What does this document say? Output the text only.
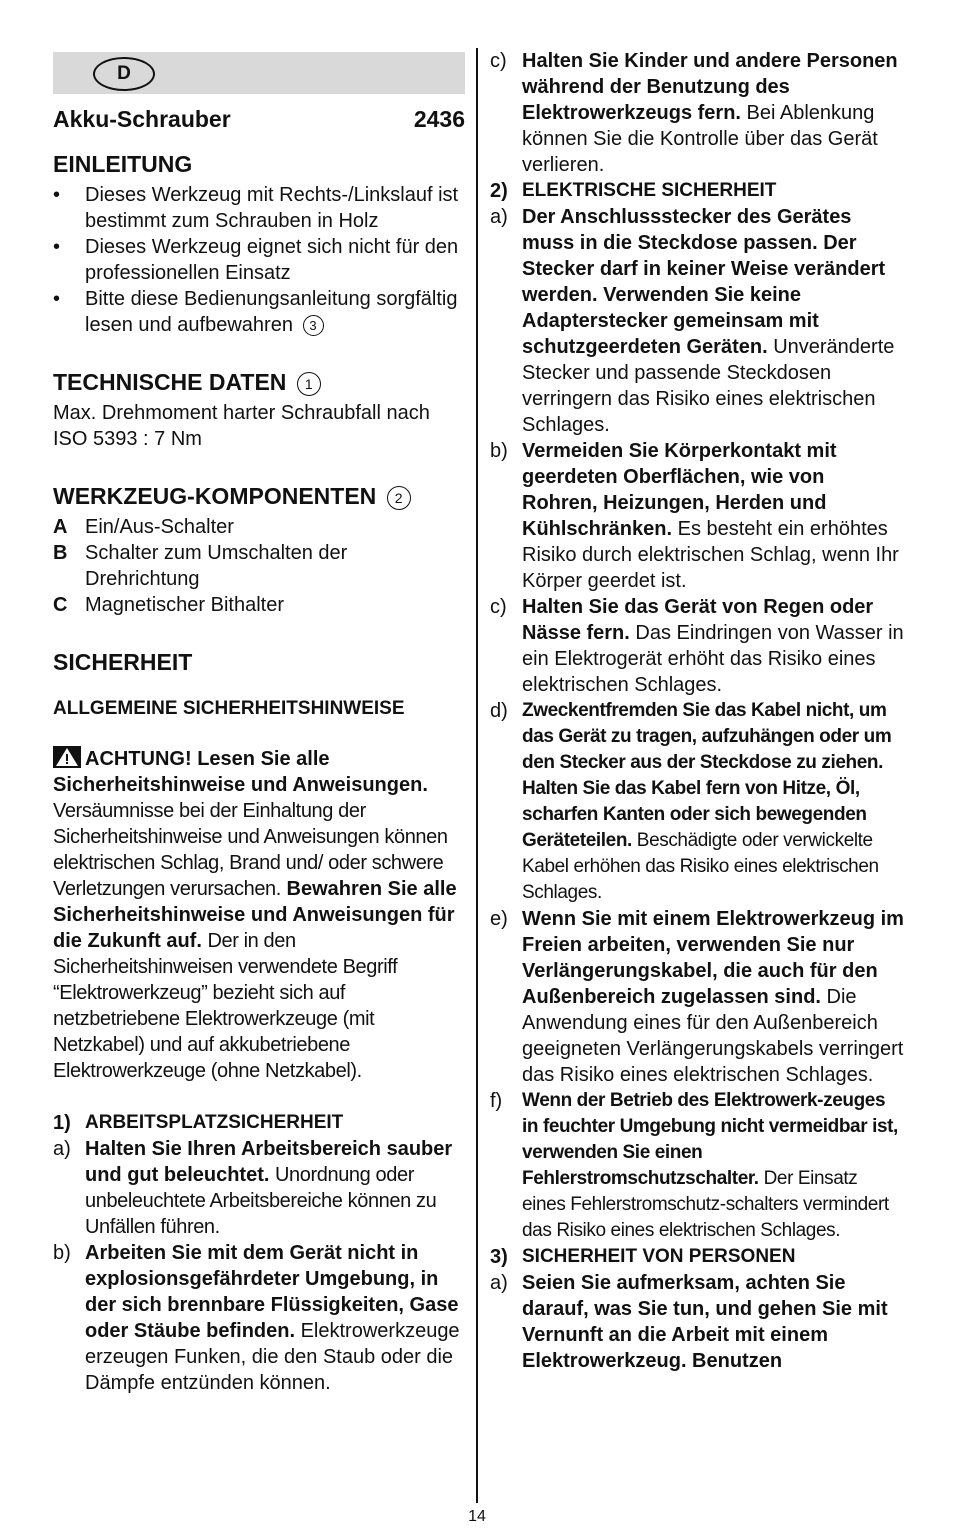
D
Akku-Schrauber	2436
EINLEITUNG
•	Dieses Werkzeug mit Rechts-/Linkslauf ist bestimmt zum Schrauben in Holz
•	Dieses Werkzeug eignet sich nicht für den professionellen Einsatz
•	Bitte diese Bedienungsanleitung sorgfältig lesen und aufbewahren 3
TECHNISCHE DATEN 1

Max. Drehmoment harter Schraubfall nach ISO 5393 : 7 Nm

WERKZEUG-KOMPONENTEN 2
A Ein/Aus-Schalter
B Schalter zum Umschalten der Drehrichtung
C Magnetischer Bithalter
SICHERHEIT
ALLGEMEINE SICHERHEITSHINWEISE

ACHTUNG! Lesen Sie alle Sicherheitshinweise und Anweisungen. Versäumnisse bei der Einhaltung der Sicherheitshinweise und Anweisungen können elektrischen Schlag, Brand und/ oder schwere Verletzungen verursachen. Bewahren Sie alle Sicherheitshinweise und Anweisungen für die Zukunft auf. Der in den Sicherheitshinweisen verwendete Begriff “Elektrowerkzeug” bezieht sich auf netzbetriebene Elektrowerkzeuge (mit Netzkabel) und auf akkubetriebene Elektrowerkzeuge (ohne Netzkabel).

1) ARBEITSPLATZSICHERHEIT
a) Halten Sie Ihren Arbeitsbereich sauber und gut beleuchtet. Unordnung oder unbeleuchtete Arbeitsbereiche können zu Unfällen führen.
b) Arbeiten Sie mit dem Gerät nicht in explosionsgefährdeter Umgebung, in der sich brennbare Flüssigkeiten, Gase oder Stäube befinden. Elektrowerkzeuge erzeugen Funken, die den Staub oder die Dämpfe entzünden können.
c) Halten Sie Kinder und andere Personen während der Benutzung des Elektrowerkzeugs fern. Bei Ablenkung können Sie die Kontrolle über das Gerät verlieren.
2) ELEKTRISCHE SICHERHEIT
a) Der Anschlussstecker des Gerätes muss in die Steckdose passen. Der Stecker darf in keiner Weise verändert werden. Verwenden Sie keine Adapterstecker gemeinsam mit schutzgeerdeten Geräten. Unveränderte Stecker und passende Steckdosen verringern das Risiko eines elektrischen Schlages.
b) Vermeiden Sie Körperkontakt mit geerdeten Oberflächen, wie von Rohren, Heizungen, Herden und Kühlschränken. Es besteht ein erhöhtes Risiko durch elektrischen Schlag, wenn Ihr Körper geerdet ist.
c) Halten Sie das Gerät von Regen oder Nässe fern. Das Eindringen von Wasser in ein Elektrogerät erhöht das Risiko eines elektrischen Schlages.
d) Zweckentfremden Sie das Kabel nicht, um das Gerät zu tragen, aufzuhängen oder um den Stecker aus der Steckdose zu ziehen. Halten Sie das Kabel fern von Hitze, Öl, scharfen Kanten oder sich bewegenden Geräteteilen. Beschädigte oder verwickelte Kabel erhöhen das Risiko eines elektrischen Schlages.
e) Wenn Sie mit einem Elektrowerkzeug im Freien arbeiten, verwenden Sie nur Verlängerungskabel, die auch für den Außenbereich zugelassen sind. Die Anwendung eines für den Außenbereich geeigneten Verlängerungskabels verringert das Risiko eines elektrischen Schlages.
f)	Wenn der Betrieb des Elektrowerk-zeuges in feuchter Umgebung nicht vermeidbar ist, verwenden Sie einen Fehlerstromschutzschalter. Der Einsatz eines Fehlerstromschutz-schalters vermindert das Risiko eines elektrischen Schlages.
3) SICHERHEIT VON PERSONEN
a) Seien Sie aufmerksam, achten Sie darauf, was Sie tun, und gehen Sie mit Vernunft an die Arbeit mit einem Elektrowerkzeug. Benutzen
14
